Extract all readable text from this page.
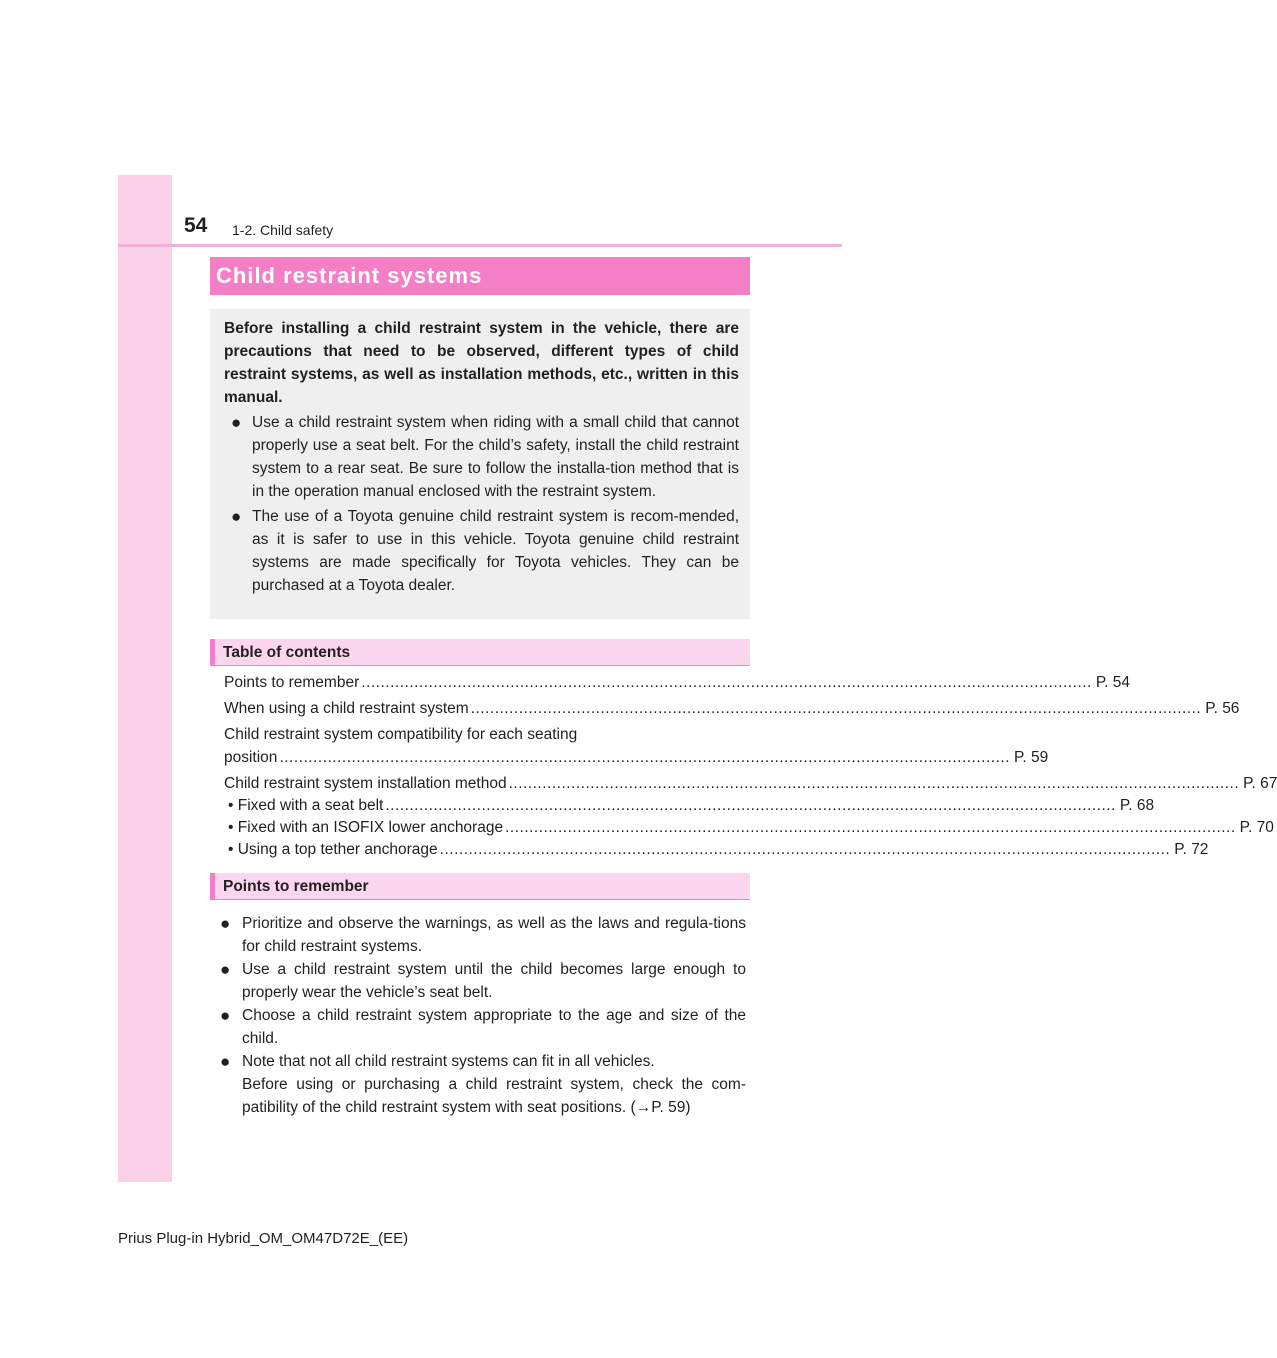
54 1-2. Child safety
Child restraint systems
Before installing a child restraint system in the vehicle, there are precautions that need to be observed, different types of child restraint systems, as well as installation methods, etc., written in this manual.
● Use a child restraint system when riding with a small child that cannot properly use a seat belt. For the child’s safety, install the child restraint system to a rear seat. Be sure to follow the installa-tion method that is in the operation manual enclosed with the restraint system.
● The use of a Toyota genuine child restraint system is recom-mended, as it is safer to use in this vehicle. Toyota genuine child restraint systems are made specifically for Toyota vehicles. They can be purchased at a Toyota dealer.
Table of contents
Points to remember ........................................................................................................................................................ P. 54
When using a child restraint system ........................................................................................................................................................ P. 56
Child restraint system compatibility for each seating
position ........................................................................................................................................................ P. 59
Child restraint system installation method ........................................................................................................................................................ P. 67
• Fixed with a seat belt ........................................................................................................................................................ P. 68
• Fixed with an ISOFIX lower anchorage ........................................................................................................................................................ P. 70
• Using a top tether anchorage ........................................................................................................................................................ P. 72
Points to remember
● Prioritize and observe the warnings, as well as the laws and regula-tions for child restraint systems.
● Use a child restraint system until the child becomes large enough to properly wear the vehicle’s seat belt.
● Choose a child restraint system appropriate to the age and size of the child.
● Note that not all child restraint systems can fit in all vehicles.
Before using or purchasing a child restraint system, check the com-patibility of the child restraint system with seat positions. (→P. 59)
Prius Plug-in Hybrid_OM_OM47D72E_(EE)
